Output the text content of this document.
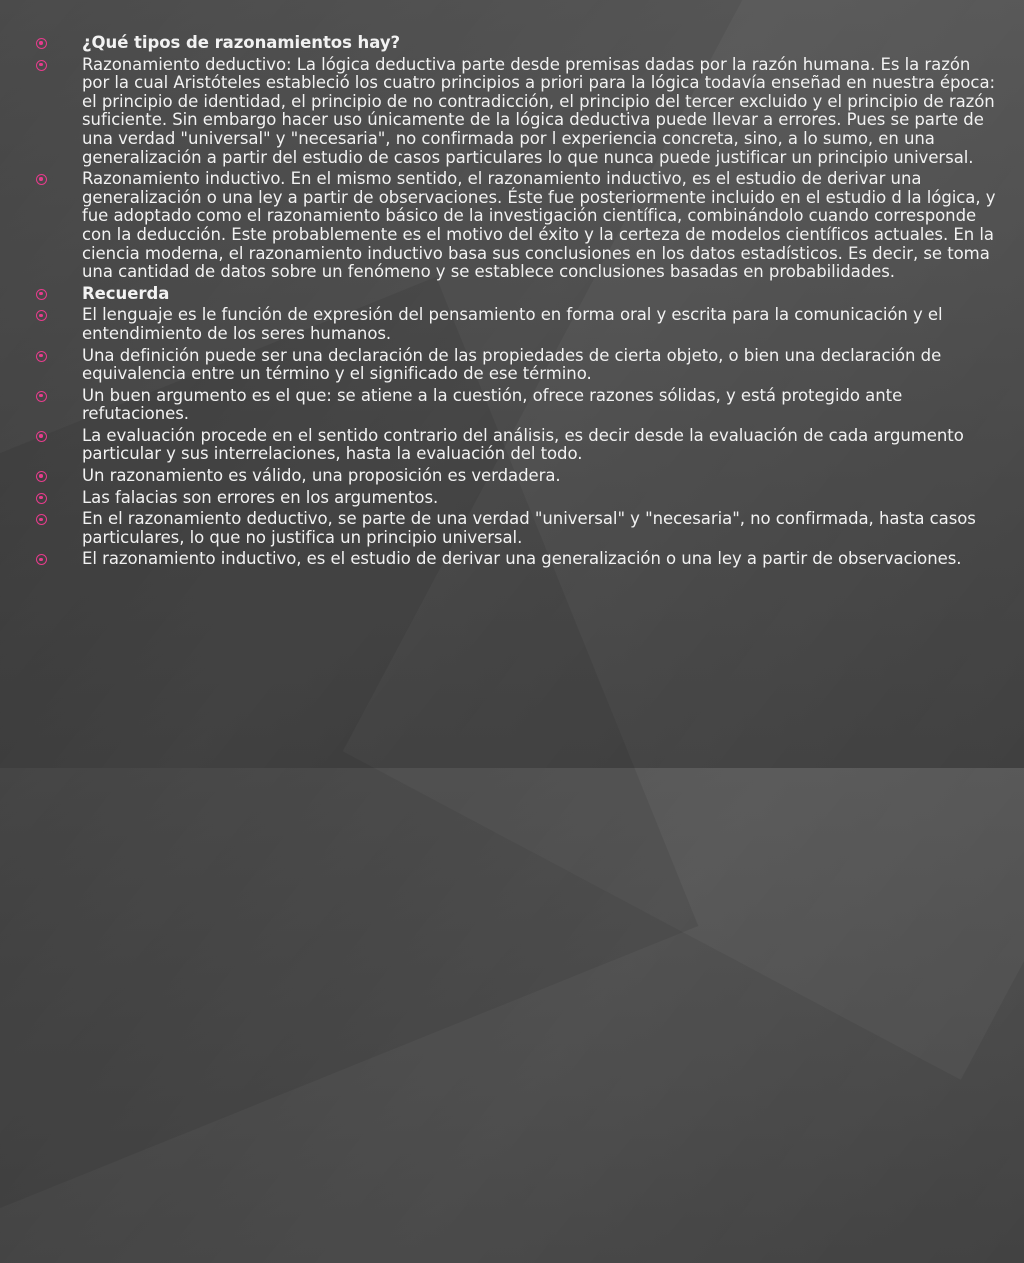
¿Qué tipos de razonamientos hay?
Razonamiento deductivo: La lógica deductiva parte desde premisas dadas por la razón humana. Es la razón por la cual Aristóteles estableció los cuatro principios a priori para la lógica todavía enseñad en nuestra época: el principio de identidad, el principio de no contradicción, el principio del tercer excluido y el principio de razón suficiente. Sin embargo hacer uso únicamente de la lógica deductiva puede llevar a errores. Pues se parte de una verdad "universal" y "necesaria", no confirmada por l experiencia concreta, sino, a lo sumo, en una generalización a partir del estudio de casos particulares lo que nunca puede justificar un principio universal.
Razonamiento inductivo. En el mismo sentido, el razonamiento inductivo, es el estudio de derivar una generalización o una ley a partir de observaciones. Éste fue posteriormente incluido en el estudio d la lógica, y fue adoptado como el razonamiento básico de la investigación científica, combinándolo cuando corresponde con la deducción. Este probablemente es el motivo del éxito y la certeza de modelos científicos actuales. En la ciencia moderna, el razonamiento inductivo basa sus conclusiones en los datos estadísticos. Es decir, se toma una cantidad de datos sobre un fenómeno y se establece conclusiones basadas en probabilidades.
Recuerda
El lenguaje es le función de expresión del pensamiento en forma oral y escrita para la comunicación y el entendimiento de los seres humanos.
Una definición puede ser una declaración de las propiedades de cierta objeto, o bien una declaración de equivalencia entre un término y el significado de ese término.
Un buen argumento es el que: se atiene a la cuestión, ofrece razones sólidas, y está protegido ante refutaciones.
La evaluación procede en el sentido contrario del análisis, es decir desde la evaluación de cada argumento particular y sus interrelaciones, hasta la evaluación del todo.
Un razonamiento es válido, una proposición es verdadera.
Las falacias son errores en los argumentos.
En el razonamiento deductivo, se parte de una verdad "universal" y "necesaria", no confirmada, hasta casos particulares, lo que no justifica un principio universal.
El razonamiento inductivo, es el estudio de derivar una generalización o una ley a partir de observaciones.
